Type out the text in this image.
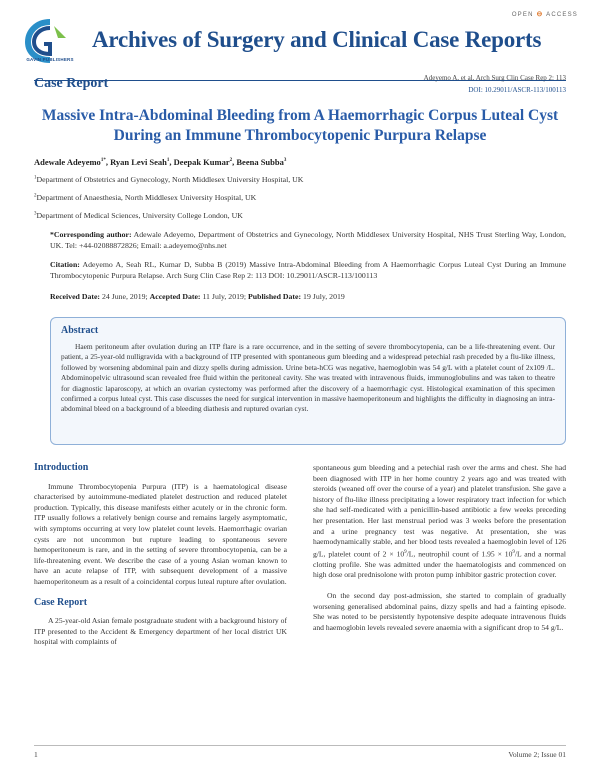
OPEN ⊖ ACCESS
GAVIN PUBLISHERS
Archives of Surgery and Clinical Case Reports
Case Report	Adeyemo A, et al. Arch Surg Clin Case Rep 2: 113
DOI: 10.29011/ASCR-113/100113
Massive Intra-Abdominal Bleeding from A Haemorrhagic Corpus Luteal Cyst During an Immune Thrombocytopenic Purpura Relapse
Adewale Adeyemo$^{1*}$, Ryan Levi Seah$^1$, Deepak Kumar$^2$, Beena Subba$^3$
$^1$Department of Obstetrics and Gynecology, North Middlesex University Hospital, UK
$^2$Department of Anaesthesia, North Middlesex University Hospital, UK
$^3$Department of Medical Sciences, University College London, UK
*Corresponding author: Adewale Adeyemo, Department of Obstetrics and Gynecology, North Middlesex University Hospital, NHS Trust Sterling Way, London, UK. Tel: +44-02088872826; Email: a.adeyemo@nhs.net
Citation: Adeyemo A, Seah RL, Kumar D, Subba B (2019) Massive Intra-Abdominal Bleeding from A Haemorrhagic Corpus Luteal Cyst During an Immune Thrombocytopenic Purpura Relapse. Arch Surg Clin Case Rep 2: 113 DOI: 10.29011/ASCR-113/100113
Received Date: 24 June, 2019; Accepted Date: 11 July, 2019; Published Date: 19 July, 2019
Abstract

Haem peritoneum after ovulation during an ITP flare is a rare occurrence, and in the setting of severe thrombocytopenia, can be a life-threatening event. Our patient, a 25-year-old nulligravida with a background of ITP presented with spontaneous gum bleeding and a widespread petechial rash preceded by a flu-like illness, followed by worsening abdominal pain and dizzy spells during admission. Urine beta-hCG was negative, haemoglobin was 54 g/L with a platelet count of 2x109 /L. Abdominopelvic ultrasound scan revealed free fluid within the peritoneal cavity. She was treated with intravenous fluids, immunoglobulins and was taken to theatre for diagnostic laparoscopy, at which an ovarian cystectomy was performed after the discovery of a haemorrhagic cyst. Histological examination of this specimen confirmed a corpus luteal cyst. This case discusses the need for surgical intervention in massive haemoperitoneum and highlights the difficulty in diagnosing an intra-abdominal bleed on a background of a bleeding diathesis and ruptured ovarian cyst.

Introduction

Immune Thrombocytopenia Purpura (ITP) is a haematological disease characterised by autoimmune-mediated platelet destruction and reduced platelet production. Typically, this disease manifests either acutely or in the chronic form. ITP usually follows a relatively benign course and remains largely asymptomatic, with symptoms occurring at very low platelet count levels. Haemorrhagic ovarian cysts are not uncommon but rupture leading to spontaneous severe hemoperitoneum is rare, and in the setting of severe thrombocytopenia, can be a life-threatening event. We describe the case of a young Asian woman known to have an acute relapse of ITP, with subsequent development of a massive haemoperitoneum as a result of a coincidental corpus luteal rupture after ovulation.

Case Report

A 25-year-old Asian female postgraduate student with a background history of ITP presented to the Accident & Emergency department of her local district UK hospital with complaints of

spontaneous gum bleeding and a petechial rash over the arms and chest. She had been diagnosed with ITP in her home country 2 years ago and was treated with steroids (weaned off over the course of a year) and platelet transfusion. She gave a history of flu-like illness precipitating a lower respiratory tract infection for which she had self-medicated with a penicillin-based antibiotic a few weeks preceding her presentation. Her last menstrual period was 3 weeks before the presentation and a urine pregnancy test was negative. At presentation, she was haemodynamically stable, and her blood tests revealed a haemoglobin level of 126 g/L, platelet count of $2 \times 10^9/L$, neutrophil count of $1.95 \times 10^9/L$ and a normal clotting profile. She was admitted under the haematologists and commenced on high dose oral prednisolone with proton pump inhibitor gastric protection cover.

On the second day post-admission, she started to complain of gradually worsening generalised abdominal pains, dizzy spells and had a fainting episode. She was noted to be persistently hypotensive despite adequate intravenous fluids and haemoglobin levels revealed severe anaemia with a significant drop to 54 g/L.

1	Volume 2; Issue 01
